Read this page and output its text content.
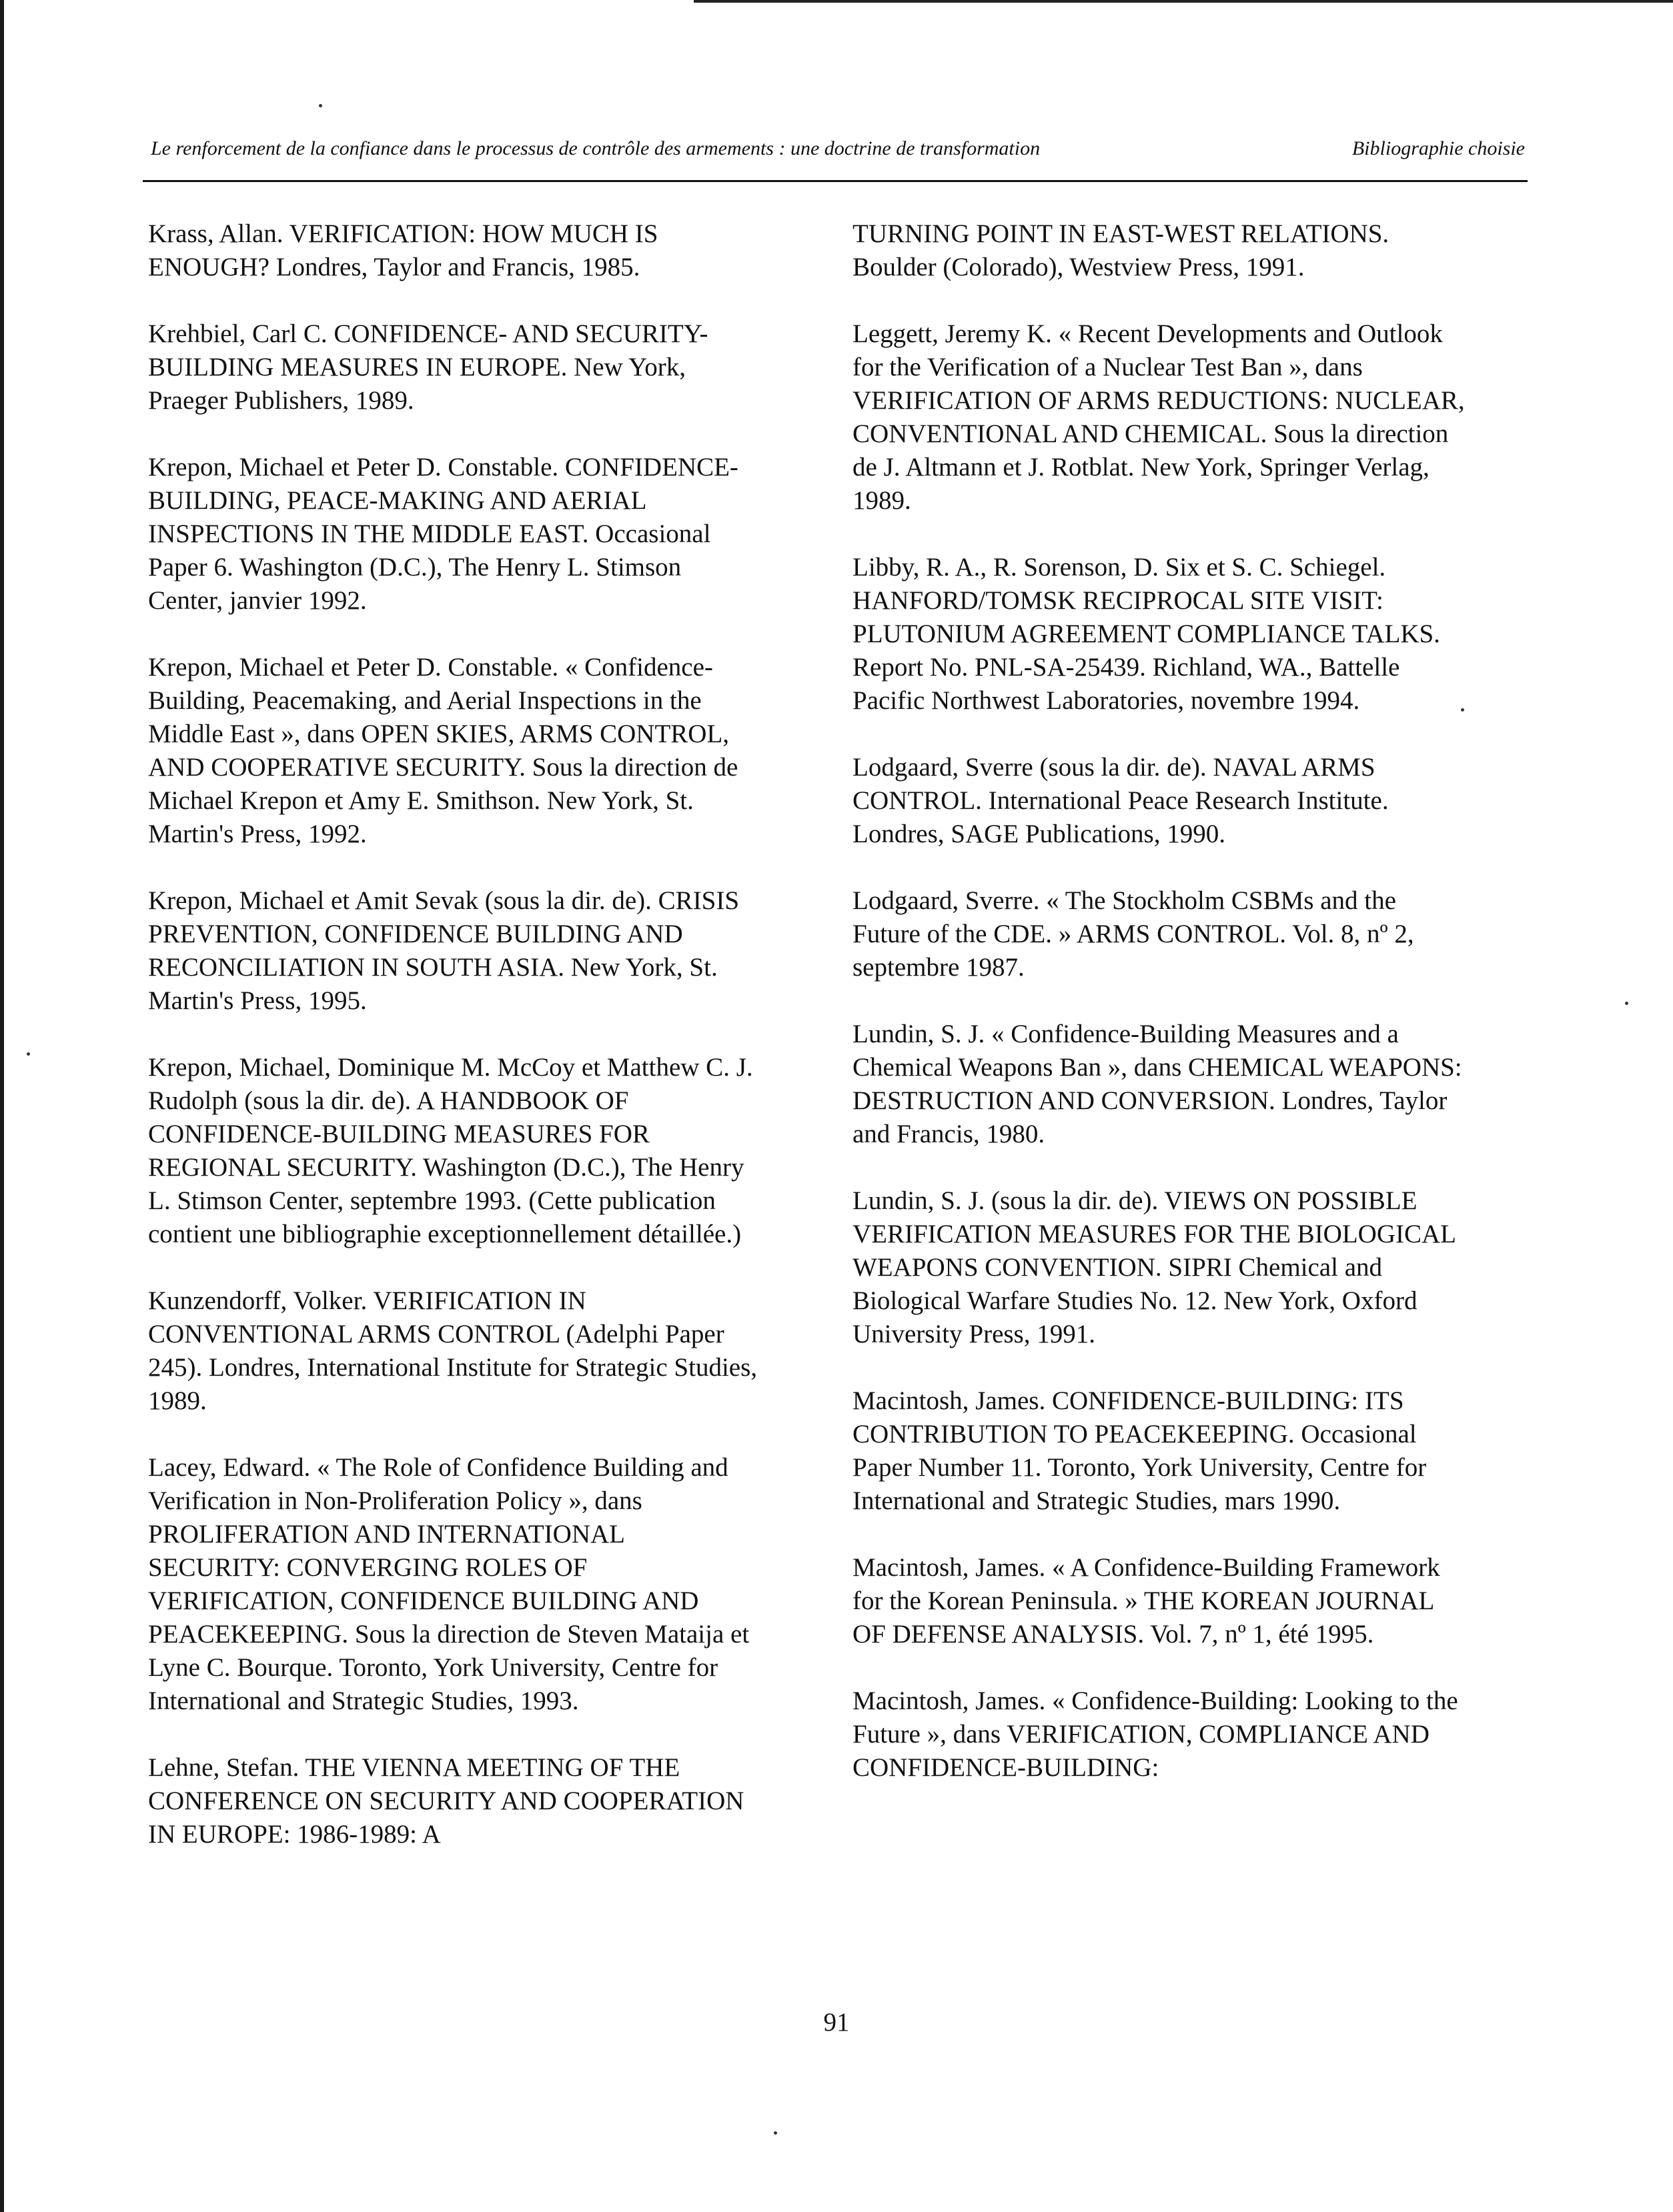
Le renforcement de la confiance dans le processus de contrôle des armements : une doctrine de transformation	Bibliographie choisie

Krass, Allan. VERIFICATION: HOW MUCH IS ENOUGH? Londres, Taylor and Francis, 1985.

Krehbiel, Carl C. CONFIDENCE- AND SECURITY-BUILDING MEASURES IN EUROPE. New York, Praeger Publishers, 1989.

Krepon, Michael et Peter D. Constable. CONFIDENCE-BUILDING, PEACE-MAKING AND AERIAL INSPECTIONS IN THE MIDDLE EAST. Occasional Paper 6. Washington (D.C.), The Henry L. Stimson Center, janvier 1992.

Krepon, Michael et Peter D. Constable. « Confidence-Building, Peacemaking, and Aerial Inspections in the Middle East », dans OPEN SKIES, ARMS CONTROL, AND COOPERATIVE SECURITY. Sous la direction de Michael Krepon et Amy E. Smithson. New York, St. Martin's Press, 1992.

Krepon, Michael et Amit Sevak (sous la dir. de). CRISIS PREVENTION, CONFIDENCE BUILDING AND RECONCILIATION IN SOUTH ASIA. New York, St. Martin's Press, 1995.

Krepon, Michael, Dominique M. McCoy et Matthew C. J. Rudolph (sous la dir. de). A HANDBOOK OF CONFIDENCE-BUILDING MEASURES FOR REGIONAL SECURITY. Washington (D.C.), The Henry L. Stimson Center, septembre 1993. (Cette publication contient une bibliographie exceptionnellement détaillée.)

Kunzendorff, Volker. VERIFICATION IN CONVENTIONAL ARMS CONTROL (Adelphi Paper 245). Londres, International Institute for Strategic Studies, 1989.

Lacey, Edward. « The Role of Confidence Building and Verification in Non-Proliferation Policy », dans PROLIFERATION AND INTERNATIONAL SECURITY: CONVERGING ROLES OF VERIFICATION, CONFIDENCE BUILDING AND PEACEKEEPING. Sous la direction de Steven Mataija et Lyne C. Bourque. Toronto, York University, Centre for International and Strategic Studies, 1993.

Lehne, Stefan. THE VIENNA MEETING OF THE CONFERENCE ON SECURITY AND COOPERATION IN EUROPE: 1986-1989: A

TURNING POINT IN EAST-WEST RELATIONS. Boulder (Colorado), Westview Press, 1991.

Leggett, Jeremy K. « Recent Developments and Outlook for the Verification of a Nuclear Test Ban », dans VERIFICATION OF ARMS REDUCTIONS: NUCLEAR, CONVENTIONAL AND CHEMICAL. Sous la direction de J. Altmann et J. Rotblat. New York, Springer Verlag, 1989.

Libby, R. A., R. Sorenson, D. Six et S. C. Schiegel. HANFORD/TOMSK RECIPROCAL SITE VISIT: PLUTONIUM AGREEMENT COMPLIANCE TALKS. Report No. PNL-SA-25439. Richland, WA., Battelle Pacific Northwest Laboratories, novembre 1994.

Lodgaard, Sverre (sous la dir. de). NAVAL ARMS CONTROL. International Peace Research Institute. Londres, SAGE Publications, 1990.

Lodgaard, Sverre. « The Stockholm CSBMs and the Future of the CDE. » ARMS CONTROL. Vol. 8, nº 2, septembre 1987.

Lundin, S. J. « Confidence-Building Measures and a Chemical Weapons Ban », dans CHEMICAL WEAPONS: DESTRUCTION AND CONVERSION. Londres, Taylor and Francis, 1980.

Lundin, S. J. (sous la dir. de). VIEWS ON POSSIBLE VERIFICATION MEASURES FOR THE BIOLOGICAL WEAPONS CONVENTION. SIPRI Chemical and Biological Warfare Studies No. 12. New York, Oxford University Press, 1991.

Macintosh, James. CONFIDENCE-BUILDING: ITS CONTRIBUTION TO PEACEKEEPING. Occasional Paper Number 11. Toronto, York University, Centre for International and Strategic Studies, mars 1990.

Macintosh, James. « A Confidence-Building Framework for the Korean Peninsula. » THE KOREAN JOURNAL OF DEFENSE ANALYSIS. Vol. 7, nº 1, été 1995.

Macintosh, James. « Confidence-Building: Looking to the Future », dans VERIFICATION, COMPLIANCE AND CONFIDENCE-BUILDING:

91
